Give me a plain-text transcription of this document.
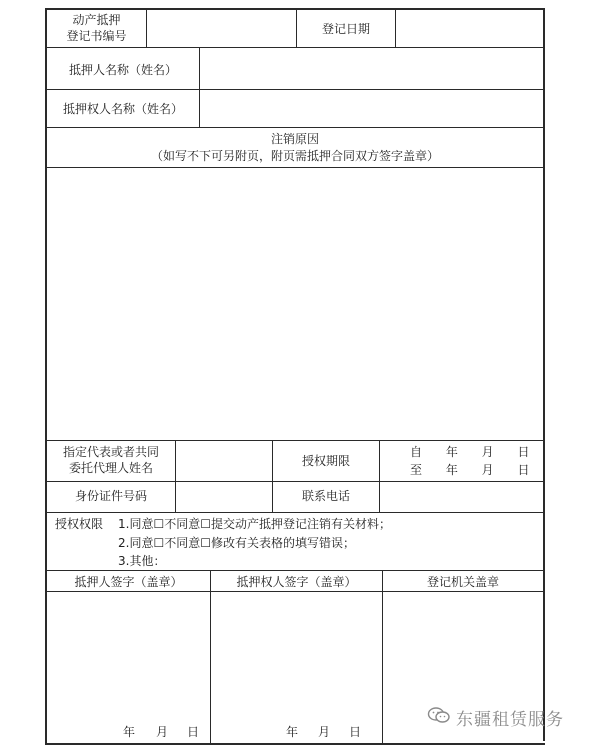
动产抵押
登记书编号	登记日期
抵押人名称（姓名）
抵押权人名称（姓名）
注销原因
（如写不下可另附页，附页需抵押合同双方签字盖章）
指定代表或者共同
委托代理人姓名	授权期限
自 年 月 日
至 年 月 日
身份证件号码	联系电话
授权权限 1.同意☐不同意☐提交动产抵押登记注销有关材料；
2.同意☐不同意☐修改有关表格的填写错误；
3.其他：
抵押人签字（盖章）	抵押权人签字（盖章）	登记机关盖章
年 月 日	年 月 日
东疆租赁服务
